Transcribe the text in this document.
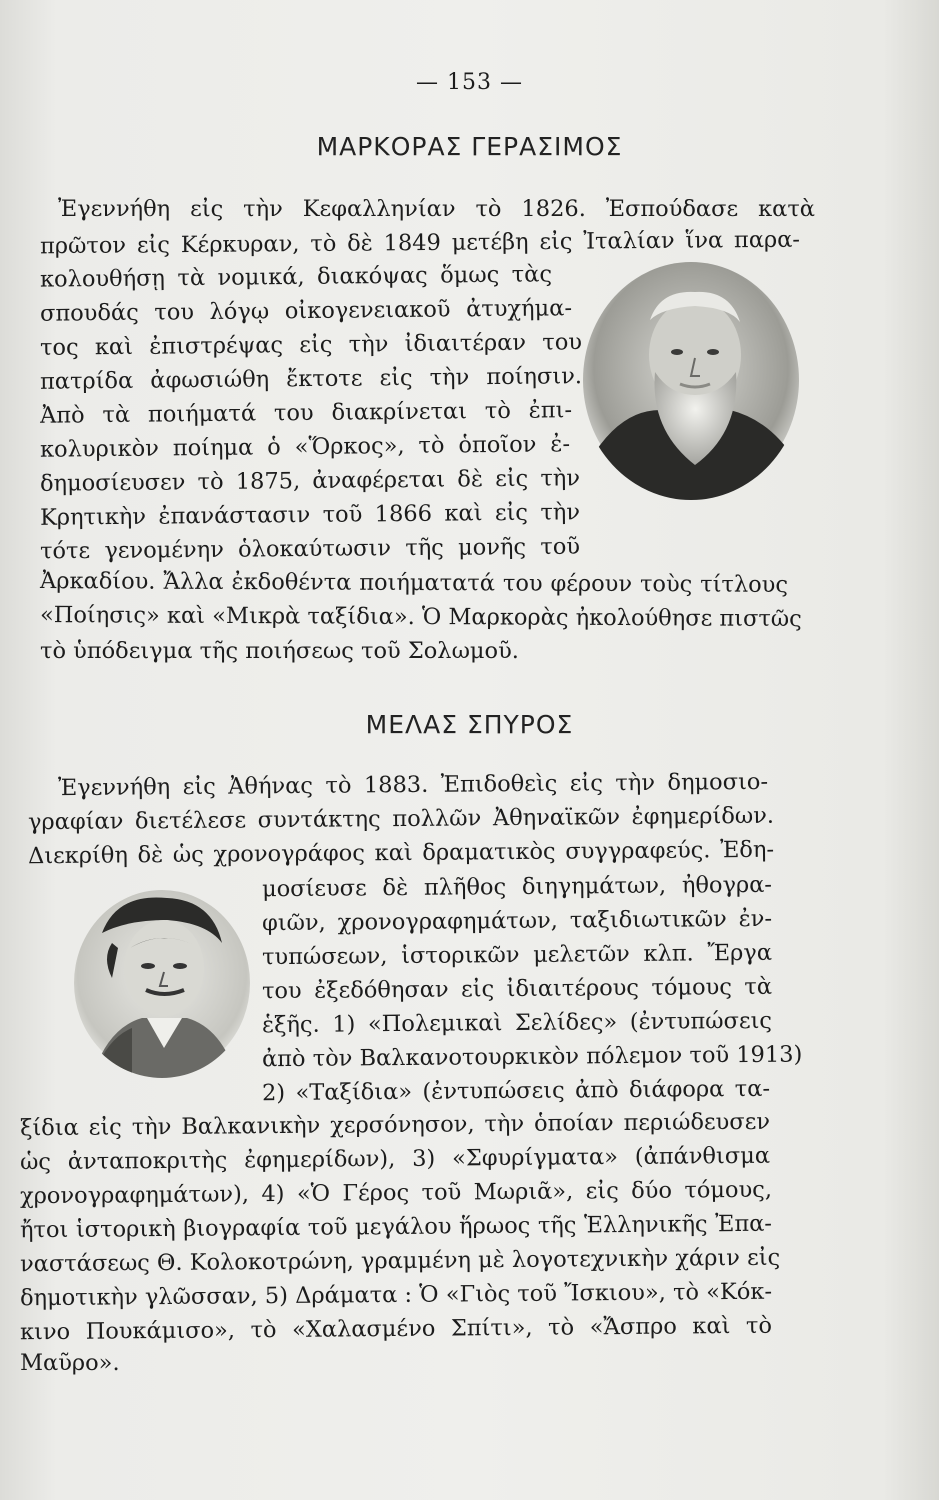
— 153 —
ΜΑΡΚΟΡΑΣ ΓΕΡΑΣΙΜΟΣ
Ἐγεννήθη εἰς τὴν Κεφαλληνίαν τὸ 1826. Ἐσπούδασε κατὰ
πρῶτον εἰς Κέρκυραν, τὸ δὲ 1849 μετέβη εἰς Ἰταλίαν ἵνα παρα-
κολουθήσῃ τὰ νομικά, διακόψας ὅμως τὰς
σπουδάς του λόγῳ οἰκογενειακοῦ ἀτυχήμα-
τος καὶ ἐπιστρέψας εἰς τὴν ἰδιαιτέραν του
πατρίδα ἀφωσιώθη ἔκτοτε εἰς τὴν ποίησιν.
Ἀπὸ τὰ ποιήματά του διακρίνεται τὸ ἐπι-
κολυρικὸν ποίημα ὁ «Ὅρκος», τὸ ὁποῖον ἐ-
δημοσίευσεν τὸ 1875, ἀναφέρεται δὲ εἰς τὴν
Κρητικὴν ἐπανάστασιν τοῦ 1866 καὶ εἰς τὴν
τότε γενομένην ὁλοκαύτωσιν τῆς μονῆς τοῦ
Ἀρκαδίου. Ἄλλα ἐκδοθέντα ποιήματατά του φέρουν τοὺς τίτλους
«Ποίησις» καὶ «Μικρὰ ταξίδια». Ὁ Μαρκορὰς ἠκολούθησε πιστῶς
τὸ ὑπόδειγμα τῆς ποιήσεως τοῦ Σολωμοῦ.
ΜΕΛΑΣ ΣΠΥΡΟΣ
Ἐγεννήθη εἰς Ἀθήνας τὸ 1883. Ἐπιδοθεὶς εἰς τὴν δημοσιο-
γραφίαν διετέλεσε συντάκτης πολλῶν Ἀθηναϊκῶν ἐφημερίδων.
Διεκρίθη δὲ ὡς χρονογράφος καὶ δραματικὸς συγγραφεύς. Ἐδη-
μοσίευσε δὲ πλῆθος διηγημάτων, ἠθογρα-
φιῶν, χρονογραφημάτων, ταξιδιωτικῶν ἐν-
τυπώσεων, ἱστορικῶν μελετῶν κλπ. Ἔργα
του ἐξεδόθησαν εἰς ἰδιαιτέρους τόμους τὰ
ἑξῆς. 1) «Πολεμικαὶ Σελίδες» (ἐντυπώσεις
ἀπὸ τὸν Βαλκανοτουρκικὸν πόλεμον τοῦ 1913)
2) «Ταξίδια» (ἐντυπώσεις ἀπὸ διάφορα τα-
ξίδια εἰς τὴν Βαλκανικὴν χερσόνησον, τὴν ὁποίαν περιώδευσεν
ὡς ἀνταποκριτὴς ἐφημερίδων), 3) «Σφυρίγματα» (ἀπάνθισμα
χρονογραφημάτων), 4) «Ὁ Γέρος τοῦ Μωριᾶ», εἰς δύο τόμους,
ἤτοι ἱστορικὴ βιογραφία τοῦ μεγάλου ἥρωος τῆς Ἑλληνικῆς Ἐπα-
ναστάσεως Θ. Κολοκοτρώνη, γραμμένη μὲ λογοτεχνικὴν χάριν εἰς
δημοτικὴν γλῶσσαν, 5) Δράματα : Ὁ «Γιὸς τοῦ Ἴσκιου», τὸ «Κόκ-
κινο Πουκάμισο», τὸ «Χαλασμένο Σπίτι», τὸ «Ἄσπρο καὶ τὸ
Μαῦρο».
